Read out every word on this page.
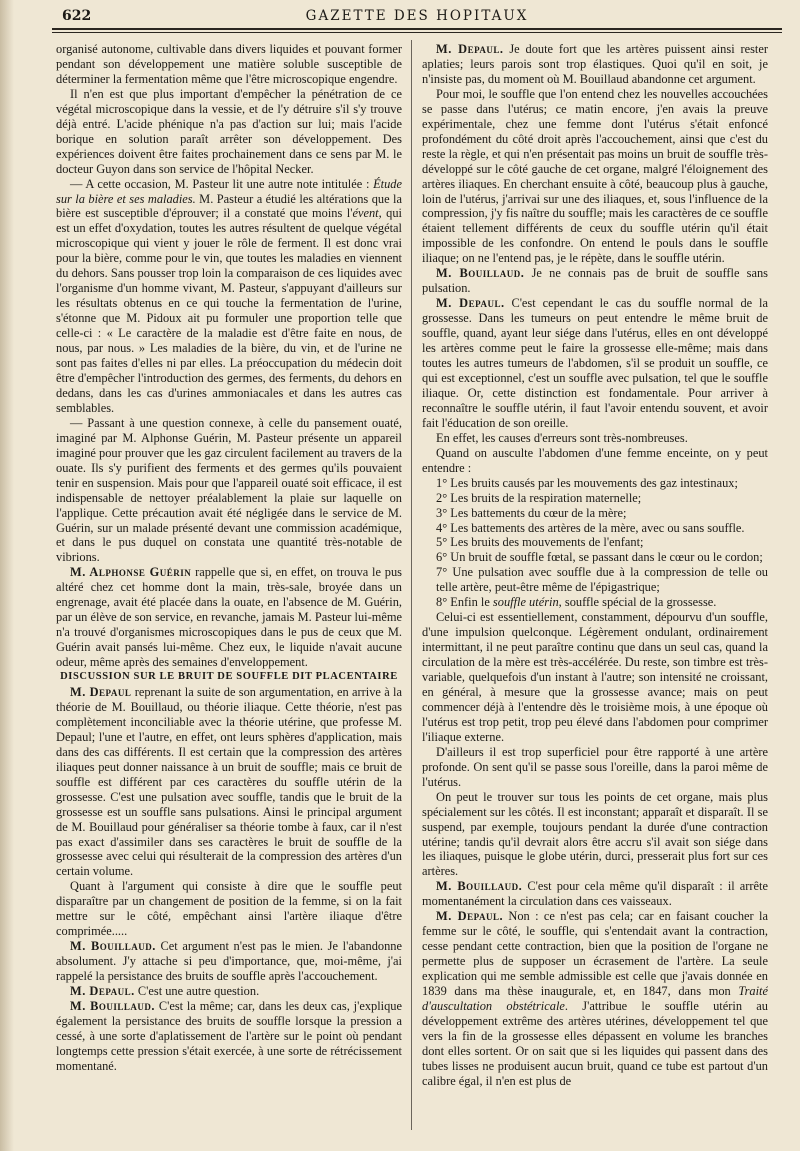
622	GAZETTE DES HOPITAUX

organisé autonome, cultivable dans divers liquides et pouvant former pendant son développement une matière soluble susceptible de déterminer la fermentation même que l'être microscopique engendre.

Il n'en est que plus important d'empêcher la pénétration de ce végétal microscopique dans la vessie, et de l'y détruire s'il s'y trouve déjà entré. L'acide phénique n'a pas d'action sur lui; mais l'acide borique en solution paraît arrêter son développement. Des expériences doivent être faites prochainement dans ce sens par M. le docteur Guyon dans son service de l'hôpital Necker.

— A cette occasion, M. Pasteur lit une autre note intitulée : Étude sur la bière et ses maladies. M. Pasteur a étudié les altérations que la bière est susceptible d'éprouver; il a constaté que moins l'évent, qui est un effet d'oxydation, toutes les autres résultent de quelque végétal microscopique qui vient y jouer le rôle de ferment. Il est donc vrai pour la bière, comme pour le vin, que toutes les maladies en viennent du dehors. Sans pousser trop loin la comparaison de ces liquides avec l'organisme d'un homme vivant, M. Pasteur, s'appuyant d'ailleurs sur les résultats obtenus en ce qui touche la fermentation de l'urine, s'étonne que M. Pidoux ait pu formuler une proportion telle que celle-ci : « Le caractère de la maladie est d'être faite en nous, de nous, par nous. » Les maladies de la bière, du vin, et de l'urine ne sont pas faites d'elles ni par elles. La préoccupation du médecin doit être d'empêcher l'introduction des germes, des ferments, du dehors en dedans, dans les cas d'urines ammoniacales et dans les autres cas semblables.

— Passant à une question connexe, à celle du pansement ouaté, imaginé par M. Alphonse Guérin, M. Pasteur présente un appareil imaginé pour prouver que les gaz circulent facilement au travers de la ouate. Ils s'y purifient des ferments et des germes qu'ils pouvaient tenir en suspension. Mais pour que l'appareil ouaté soit efficace, il est indispensable de nettoyer préalablement la plaie sur laquelle on l'applique. Cette précaution avait été négligée dans le service de M. Guérin, sur un malade présenté devant une commission académique, et dans le pus duquel on constata une quantité très-notable de vibrions.

M. Alphonse Guérin rappelle que si, en effet, on trouva le pus altéré chez cet homme dont la main, très-sale, broyée dans un engrenage, avait été placée dans la ouate, en l'absence de M. Guérin, par un élève de son service, en revanche, jamais M. Pasteur lui-même n'a trouvé d'organismes microscopiques dans le pus de ceux que M. Guérin avait pansés lui-même. Chez eux, le liquide n'avait aucune odeur, même après des semaines d'enveloppement.

DISCUSSION SUR LE BRUIT DE SOUFFLE DIT PLACENTAIRE

M. Depaul reprenant la suite de son argumentation, en arrive à la théorie de M. Bouillaud, ou théorie iliaque. Cette théorie, n'est pas complètement inconciliable avec la théorie utérine, que professe M. Depaul; l'une et l'autre, en effet, ont leurs sphères d'application, mais dans des cas différents. Il est certain que la compression des artères iliaques peut donner naissance à un bruit de souffle; mais ce bruit de souffle est différent par ces caractères du souffle utérin de la grossesse. C'est une pulsation avec souffle, tandis que le bruit de la grossesse est un souffle sans pulsations. Ainsi le principal argument de M. Bouillaud pour généraliser sa théorie tombe à faux, car il n'est pas exact d'assimiler dans ses caractères le bruit de souffle de la grossesse avec celui qui résulterait de la compression des artères d'un certain volume.

Quant à l'argument qui consiste à dire que le souffle peut disparaître par un changement de position de la femme, si on la fait mettre sur le côté, empêchant ainsi l'artère iliaque d'être comprimée.....

M. Bouillaud. Cet argument n'est pas le mien. Je l'abandonne absolument. J'y attache si peu d'importance, que, moi-même, j'ai rappelé la persistance des bruits de souffle après l'accouchement.

M. Depaul. C'est une autre question.

M. Bouillaud. C'est la même; car, dans les deux cas, j'explique également la persistance des bruits de souffle lorsque la pression a cessé, à une sorte d'aplatissement de l'artère sur le point où pendant longtemps cette pression s'était exercée, à une sorte de rétrécissement momentané.

M. Depaul. Je doute fort que les artères puissent ainsi rester aplaties; leurs parois sont trop élastiques. Quoi qu'il en soit, je n'insiste pas, du moment où M. Bouillaud abandonne cet argument.

Pour moi, le souffle que l'on entend chez les nouvelles accouchées se passe dans l'utérus; ce matin encore, j'en avais la preuve expérimentale, chez une femme dont l'utérus s'était enfoncé profondément du côté droit après l'accouchement, ainsi que c'est du reste la règle, et qui n'en présentait pas moins un bruit de souffle très-développé sur le côté gauche de cet organe, malgré l'éloignement des artères iliaques. En cherchant ensuite à côté, beaucoup plus à gauche, loin de l'utérus, j'arrivai sur une des iliaques, et, sous l'influence de la compression, j'y fis naître du souffle; mais les caractères de ce souffle étaient tellement différents de ceux du souffle utérin qu'il était impossible de les confondre. On entend le pouls dans le souffle iliaque; on ne l'entend pas, je le répète, dans le souffle utérin.

M. Bouillaud. Je ne connais pas de bruit de souffle sans pulsation.

M. Depaul. C'est cependant le cas du souffle normal de la grossesse. Dans les tumeurs on peut entendre le même bruit de souffle, quand, ayant leur siége dans l'utérus, elles en ont développé les artères comme peut le faire la grossesse elle-même; mais dans toutes les autres tumeurs de l'abdomen, s'il se produit un souffle, ce qui est exceptionnel, c'est un souffle avec pulsation, tel que le souffle iliaque. Or, cette distinction est fondamentale. Pour arriver à reconnaître le souffle utérin, il faut l'avoir entendu souvent, et avoir fait l'éducation de son oreille.

En effet, les causes d'erreurs sont très-nombreuses.

Quand on ausculte l'abdomen d'une femme enceinte, on y peut entendre :

1° Les bruits causés par les mouvements des gaz intestinaux;

2° Les bruits de la respiration maternelle;

3° Les battements du cœur de la mère;

4° Les battements des artères de la mère, avec ou sans souffle.

5° Les bruits des mouvements de l'enfant;

6° Un bruit de souffle fœtal, se passant dans le cœur ou le cordon;

7° Une pulsation avec souffle due à la compression de telle ou telle artère, peut-être même de l'épigastrique;

8° Enfin le souffle utérin, souffle spécial de la grossesse.

Celui-ci est essentiellement, constamment, dépourvu d'un souffle, d'une impulsion quelconque. Légèrement ondulant, ordinairement intermittant, il ne peut paraître continu que dans un seul cas, quand la circulation de la mère est très-accélérée. Du reste, son timbre est très-variable, quelquefois d'un instant à l'autre; son intensité ne croissant, en général, à mesure que la grossesse avance; mais on peut commencer déjà à l'entendre dès le troisième mois, à une époque où l'utérus est trop petit, trop peu élevé dans l'abdomen pour comprimer l'iliaque externe.

D'ailleurs il est trop superficiel pour être rapporté à une artère profonde. On sent qu'il se passe sous l'oreille, dans la paroi même de l'utérus.

On peut le trouver sur tous les points de cet organe, mais plus spécialement sur les côtés. Il est inconstant; apparaît et disparaît. Il se suspend, par exemple, toujours pendant la durée d'une contraction utérine; tandis qu'il devrait alors être accru s'il avait son siége dans les iliaques, puisque le globe utérin, durci, presserait plus fort sur ces artères.

M. Bouillaud. C'est pour cela même qu'il disparaît : il arrête momentanément la circulation dans ces vaisseaux.

M. Depaul. Non : ce n'est pas cela; car en faisant coucher la femme sur le côté, le souffle, qui s'entendait avant la contraction, cesse pendant cette contraction, bien que la position de l'organe ne permette plus de supposer un écrasement de l'artère. La seule explication qui me semble admissible est celle que j'avais donnée en 1839 dans ma thèse inaugurale, et, en 1847, dans mon Traité d'auscultation obstétricale. J'attribue le souffle utérin au développement extrême des artères utérines, développement tel que vers la fin de la grossesse elles dépassent en volume les branches dont elles sortent. Or on sait que si les liquides qui passent dans des tubes lisses ne produisent aucun bruit, quand ce tube est partout d'un calibre égal, il n'en est plus de
